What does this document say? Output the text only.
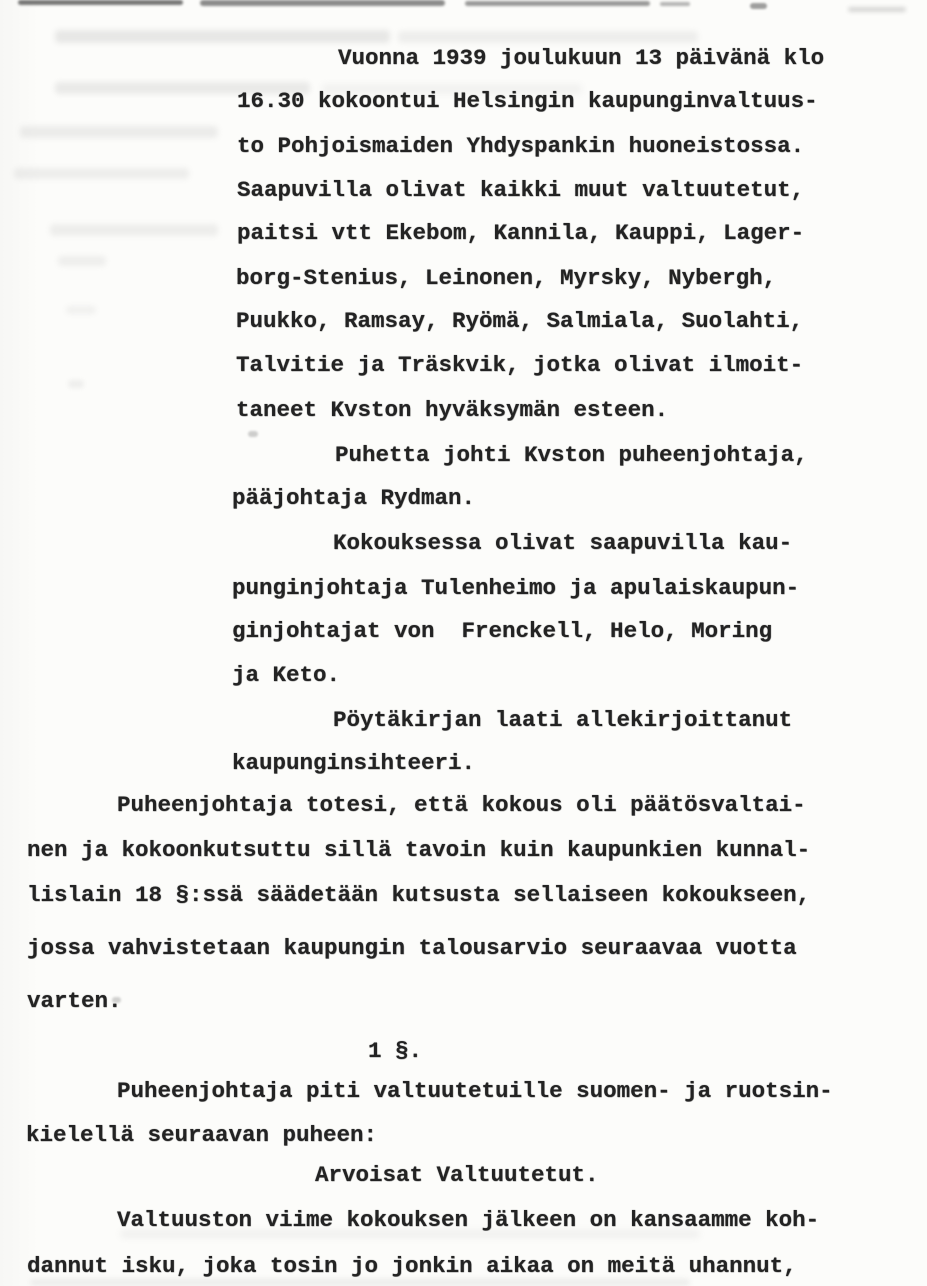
Vuonna 1939 joulukuun 13 päivänä klo
16.30 kokoontui Helsingin kaupunginvaltuus-
to Pohjoismaiden Yhdyspankin huoneistossa.
Saapuvilla olivat kaikki muut valtuutetut,
paitsi vtt Ekebom, Kannila, Kauppi, Lager-
borg-Stenius, Leinonen, Myrsky, Nybergh,
Puukko, Ramsay, Ryömä, Salmiala, Suolahti,
Talvitie ja Träskvik, jotka olivat ilmoit-
taneet Kvston hyväksymän esteen.
Puhetta johti Kvston puheenjohtaja,
pääjohtaja Rydman.
Kokouksessa olivat saapuvilla kau-
punginjohtaja Tulenheimo ja apulaiskaupun-
ginjohtajat von  Frenckell, Helo, Moring
ja Keto.
Pöytäkirjan laati allekirjoittanut
kaupunginsihteeri.
Puheenjohtaja totesi, että kokous oli päätösvaltai-
nen ja kokoonkutsuttu sillä tavoin kuin kaupunkien kunnal-
lislain 18 §:ssä säädetään kutsusta sellaiseen kokoukseen,
jossa vahvistetaan kaupungin talousarvio seuraavaa vuotta
varten.
1 §.
Puheenjohtaja piti valtuutetuille suomen- ja ruotsin-
kielellä seuraavan puheen:
Arvoisat Valtuutetut.
Valtuuston viime kokouksen jälkeen on kansaamme koh-
dannut isku, joka tosin jo jonkin aikaa on meitä uhannut,
